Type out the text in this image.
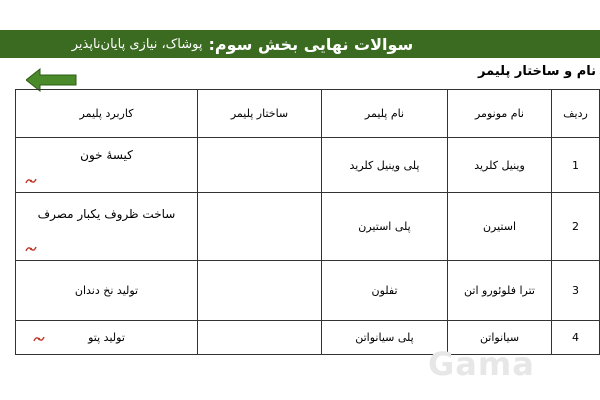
سوالات نهایی بخش سوم:
پوشاک، نیازی پایان‌ناپذیر
نام و ساختار پلیمر
ردیف	نام مونومر	نام پلیمر	ساختار پلیمر	کاربرد پلیمر
1	وینیل کلرید	پلی وینیل کلرید		کیسهٔ خون

2	استیرن	پلی استیرن		ساخت ظروف یکبار مصرف

3	تترا فلوئورو اتن	تفلون		تولید نخ دندان
4	سیانواتن	پلی سیانواتن		تولید پتو
Gama
